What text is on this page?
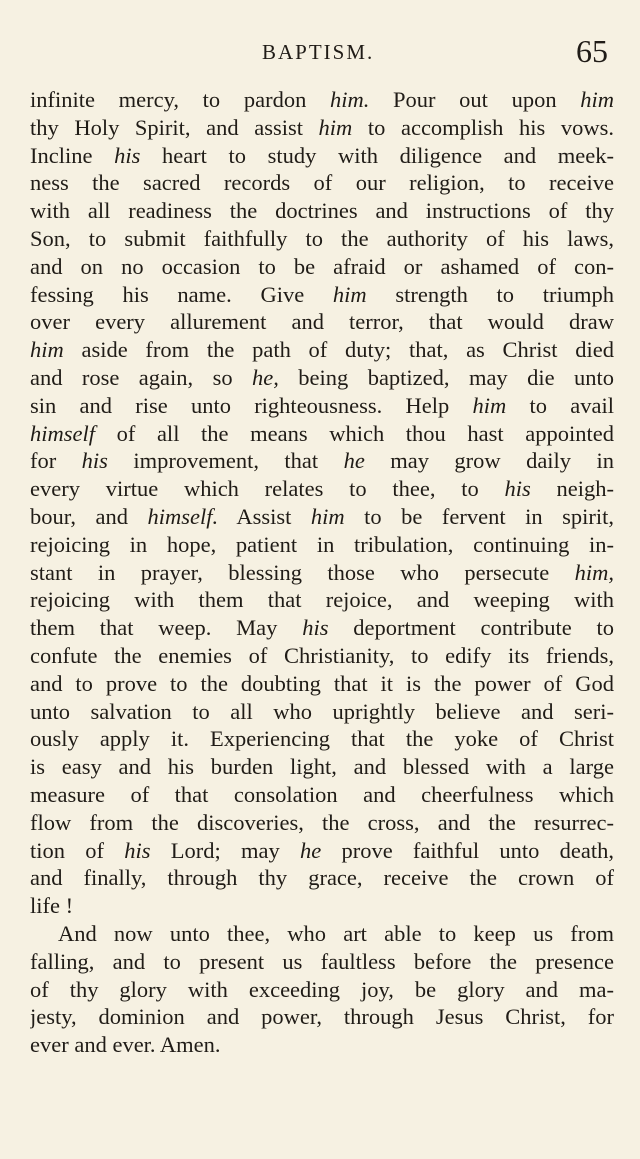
BAPTISM.	65
infinite mercy, to pardon him. Pour out upon him
thy Holy Spirit, and assist him to accomplish his vows.
Incline his heart to study with diligence and meek-
ness the sacred records of our religion, to receive
with all readiness the doctrines and instructions of thy
Son, to submit faithfully to the authority of his laws,
and on no occasion to be afraid or ashamed of con-
fessing his name. Give him strength to triumph
over every allurement and terror, that would draw
him aside from the path of duty; that, as Christ died
and rose again, so he, being baptized, may die unto
sin and rise unto righteousness. Help him to avail
himself of all the means which thou hast appointed
for his improvement, that he may grow daily in
every virtue which relates to thee, to his neigh-
bour, and himself. Assist him to be fervent in spirit,
rejoicing in hope, patient in tribulation, continuing in-
stant in prayer, blessing those who persecute him,
rejoicing with them that rejoice, and weeping with
them that weep. May his deportment contribute to
confute the enemies of Christianity, to edify its friends,
and to prove to the doubting that it is the power of God
unto salvation to all who uprightly believe and seri-
ously apply it. Experiencing that the yoke of Christ
is easy and his burden light, and blessed with a large
measure of that consolation and cheerfulness which
flow from the discoveries, the cross, and the resurrec-
tion of his Lord; may he prove faithful unto death,
and finally, through thy grace, receive the crown of
life !
And now unto thee, who art able to keep us from
falling, and to present us faultless before the presence
of thy glory with exceeding joy, be glory and ma-
jesty, dominion and power, through Jesus Christ, for
ever and ever. Amen.
